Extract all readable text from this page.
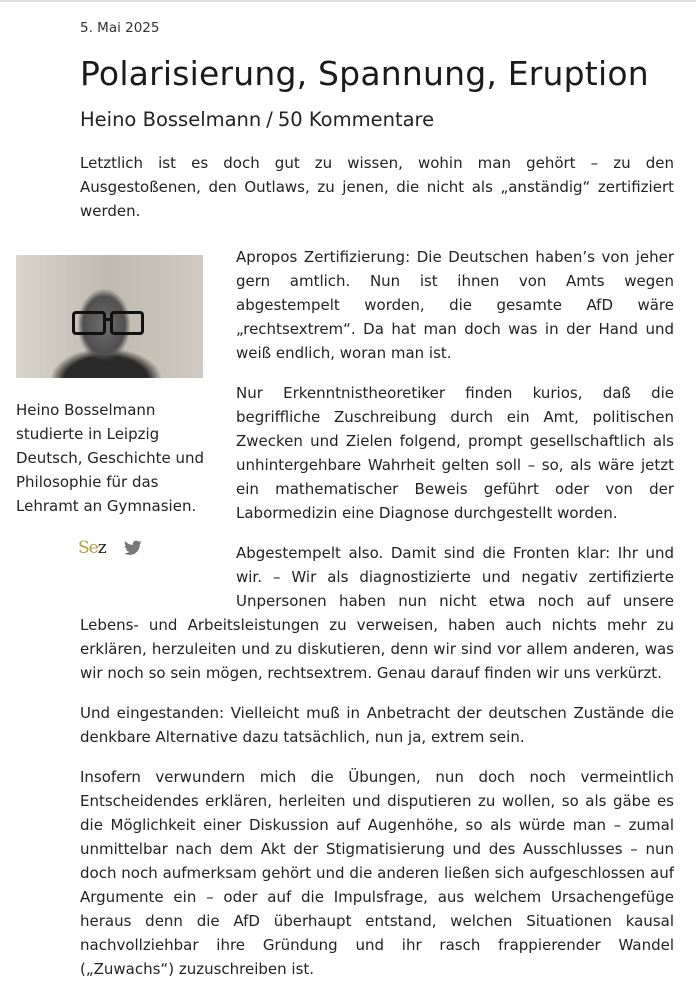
5. Mai 2025
Polarisierung, Spannung, Eruption
Heino Bosselmann / 50 Kommentare

Letztlich ist es doch gut zu wissen, wohin man gehört – zu den Ausgestoßenen, den Outlaws, zu jenen, die nicht als „anständig“ zertifiziert werden.

Heino Bosselmann studierte in Leipzig Deutsch, Geschichte und Philosophie für das Lehramt an Gymnasien.
Sez

Apropos Zertifizierung: Die Deutschen haben’s von jeher gern amtlich. Nun ist ihnen von Amts wegen abgestempelt worden, die gesamte AfD wäre „rechtsextrem“. Da hat man doch was in der Hand und weiß endlich, woran man ist.

Nur Erkenntnistheoretiker finden kurios, daß die begriffliche Zuschreibung durch ein Amt, politischen Zwecken und Zielen folgend, prompt gesellschaftlich als unhintergehbare Wahrheit gelten soll – so, als wäre jetzt ein mathematischer Beweis geführt oder von der Labormedizin eine Diagnose durchgestellt worden.

Abgestempelt also. Damit sind die Fronten klar: Ihr und wir. – Wir als diagnostizierte und negativ zertifizierte Unpersonen haben nun nicht etwa noch auf unsere Lebens- und Arbeitsleistungen zu verweisen, haben auch nichts mehr zu erklären, herzuleiten und zu diskutieren, denn wir sind vor allem anderen, was wir noch so sein mögen, rechtsextrem. Genau darauf finden wir uns verkürzt.

Und eingestanden: Vielleicht muß in Anbetracht der deutschen Zustände die denkbare Alternative dazu tatsächlich, nun ja, extrem sein.

Insofern verwundern mich die Übungen, nun doch noch vermeintlich Entscheidendes erklären, herleiten und disputieren zu wollen, so als gäbe es die Möglichkeit einer Diskussion auf Augenhöhe, so als würde man – zumal unmittelbar nach dem Akt der Stigmatisierung und des Ausschlusses – nun doch noch aufmerksam gehört und die anderen ließen sich aufgeschlossen auf Argumente ein – oder auf die Impulsfrage, aus welchem Ursachengefüge heraus denn die AfD überhaupt entstand, welchen Situationen kausal nachvollziehbar ihre Gründung und ihr rasch frappierender Wandel („Zuwachs“) zuzuschreiben ist.
